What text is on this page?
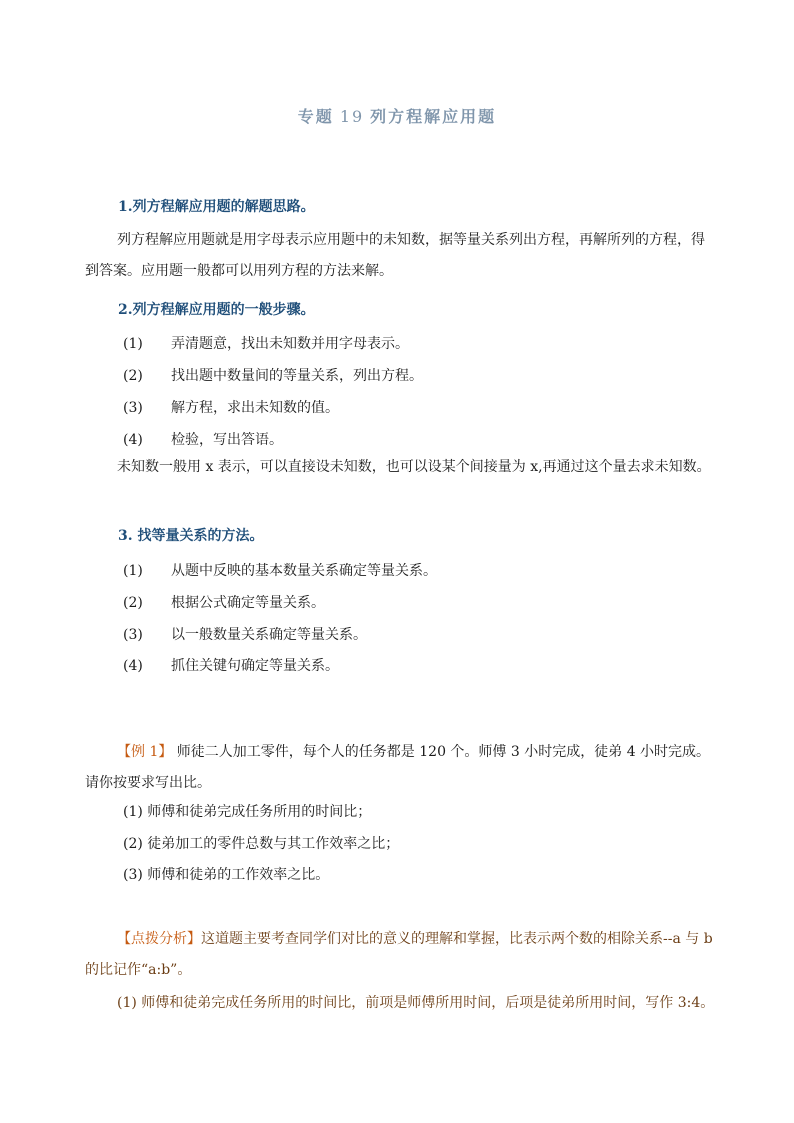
专题 19 列方程解应用题
1.列方程解应用题的解题思路。

列方程解应用题就是用字母表示应用题中的未知数，据等量关系列出方程，再解所列的方程，得到答案。应用题一般都可以用列方程的方法来解。

2.列方程解应用题的一般步骤。
(1) 弄清题意，找出未知数并用字母表示。
(2) 找出题中数量间的等量关系，列出方程。
(3) 解方程，求出未知数的值。
(4) 检验，写出答语。

未知数一般用 x 表示，可以直接设未知数，也可以设某个间接量为 x,再通过这个量去求未知数。

3. 找等量关系的方法。
(1) 从题中反映的基本数量关系确定等量关系。
(2) 根据公式确定等量关系。
(3) 以一般数量关系确定等量关系。
(4) 抓住关键句确定等量关系。

【例 1】 师徒二人加工零件，每个人的任务都是 120 个。师傅 3 小时完成，徒弟 4 小时完成。请你按要求写出比。

(1) 师傅和徒弟完成任务所用的时间比；
(2) 徒弟加工的零件总数与其工作效率之比；
(3) 师傅和徒弟的工作效率之比。

【点拨分析】这道题主要考查同学们对比的意义的理解和掌握，比表示两个数的相除关系--a 与 b 的比记作“a:b”。

(1) 师傅和徒弟完成任务所用的时间比，前项是师傅所用时间，后项是徒弟所用时间，写作 3:4。
